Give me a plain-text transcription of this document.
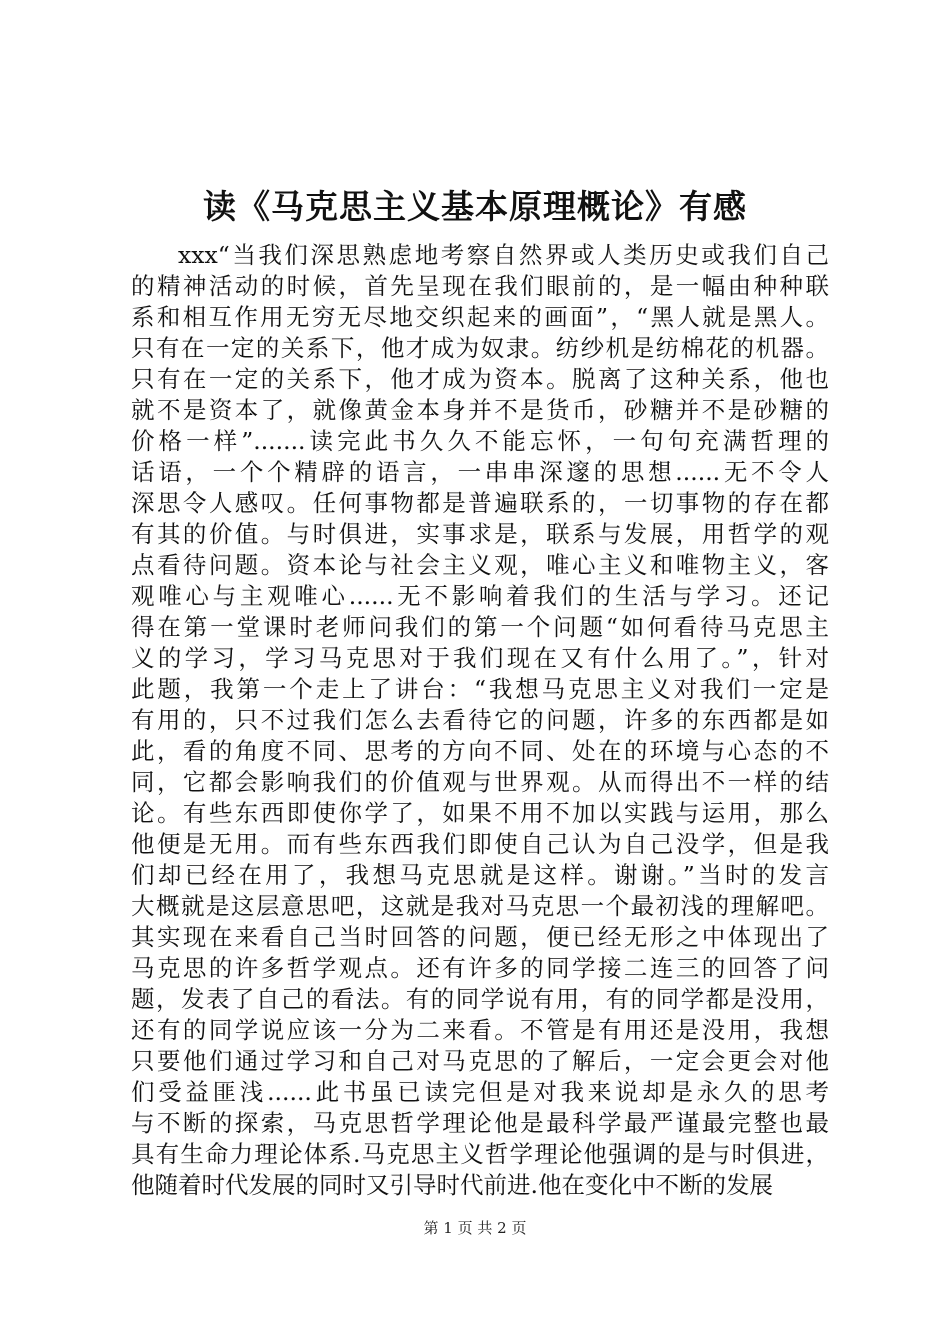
读《马克思主义基本原理概论》有感
xxx“当我们深思熟虑地考察自然界或人类历史或我们自己
的精神活动的时候，首先呈现在我们眼前的，是一幅由种种联
系和相互作用无穷无尽地交织起来的画面”，“黑人就是黑人。
只有在一定的关系下，他才成为奴隶。纺纱机是纺棉花的机器。
只有在一定的关系下，他才成为资本。脱离了这种关系，他也
就不是资本了，就像黄金本身并不是货币，砂糖并不是砂糖的
价格一样”.......读完此书久久不能忘怀，一句句充满哲理的
话语，一个个精辟的语言，一串串深邃的思想......无不令人
深思令人感叹。任何事物都是普遍联系的，一切事物的存在都
有其的价值。与时俱进，实事求是，联系与发展，用哲学的观
点看待问题。资本论与社会主义观，唯心主义和唯物主义，客
观唯心与主观唯心......无不影响着我们的生活与学习。还记
得在第一堂课时老师问我们的第一个问题“如何看待马克思主
义的学习，学习马克思对于我们现在又有什么用了。”，针对
此题，我第一个走上了讲台：“我想马克思主义对我们一定是
有用的，只不过我们怎么去看待它的问题，许多的东西都是如
此，看的角度不同、思考的方向不同、处在的环境与心态的不
同，它都会影响我们的价值观与世界观。从而得出不一样的结
论。有些东西即使你学了，如果不用不加以实践与运用，那么
他便是无用。而有些东西我们即使自己认为自己没学，但是我
们却已经在用了，我想马克思就是这样。谢谢。”当时的发言
大概就是这层意思吧，这就是我对马克思一个最初浅的理解吧。
其实现在来看自己当时回答的问题，便已经无形之中体现出了
马克思的许多哲学观点。还有许多的同学接二连三的回答了问
题，发表了自己的看法。有的同学说有用，有的同学都是没用，
还有的同学说应该一分为二来看。不管是有用还是没用，我想
只要他们通过学习和自己对马克思的了解后，一定会更会对他
们受益匪浅......此书虽已读完但是对我来说却是永久的思考
与不断的探索，马克思哲学理论他是最科学最严谨最完整也最
具有生命力理论体系.马克思主义哲学理论他强调的是与时俱进，
他随着时代发展的同时又引导时代前进.他在变化中不断的发展
第 1 页 共 2 页
